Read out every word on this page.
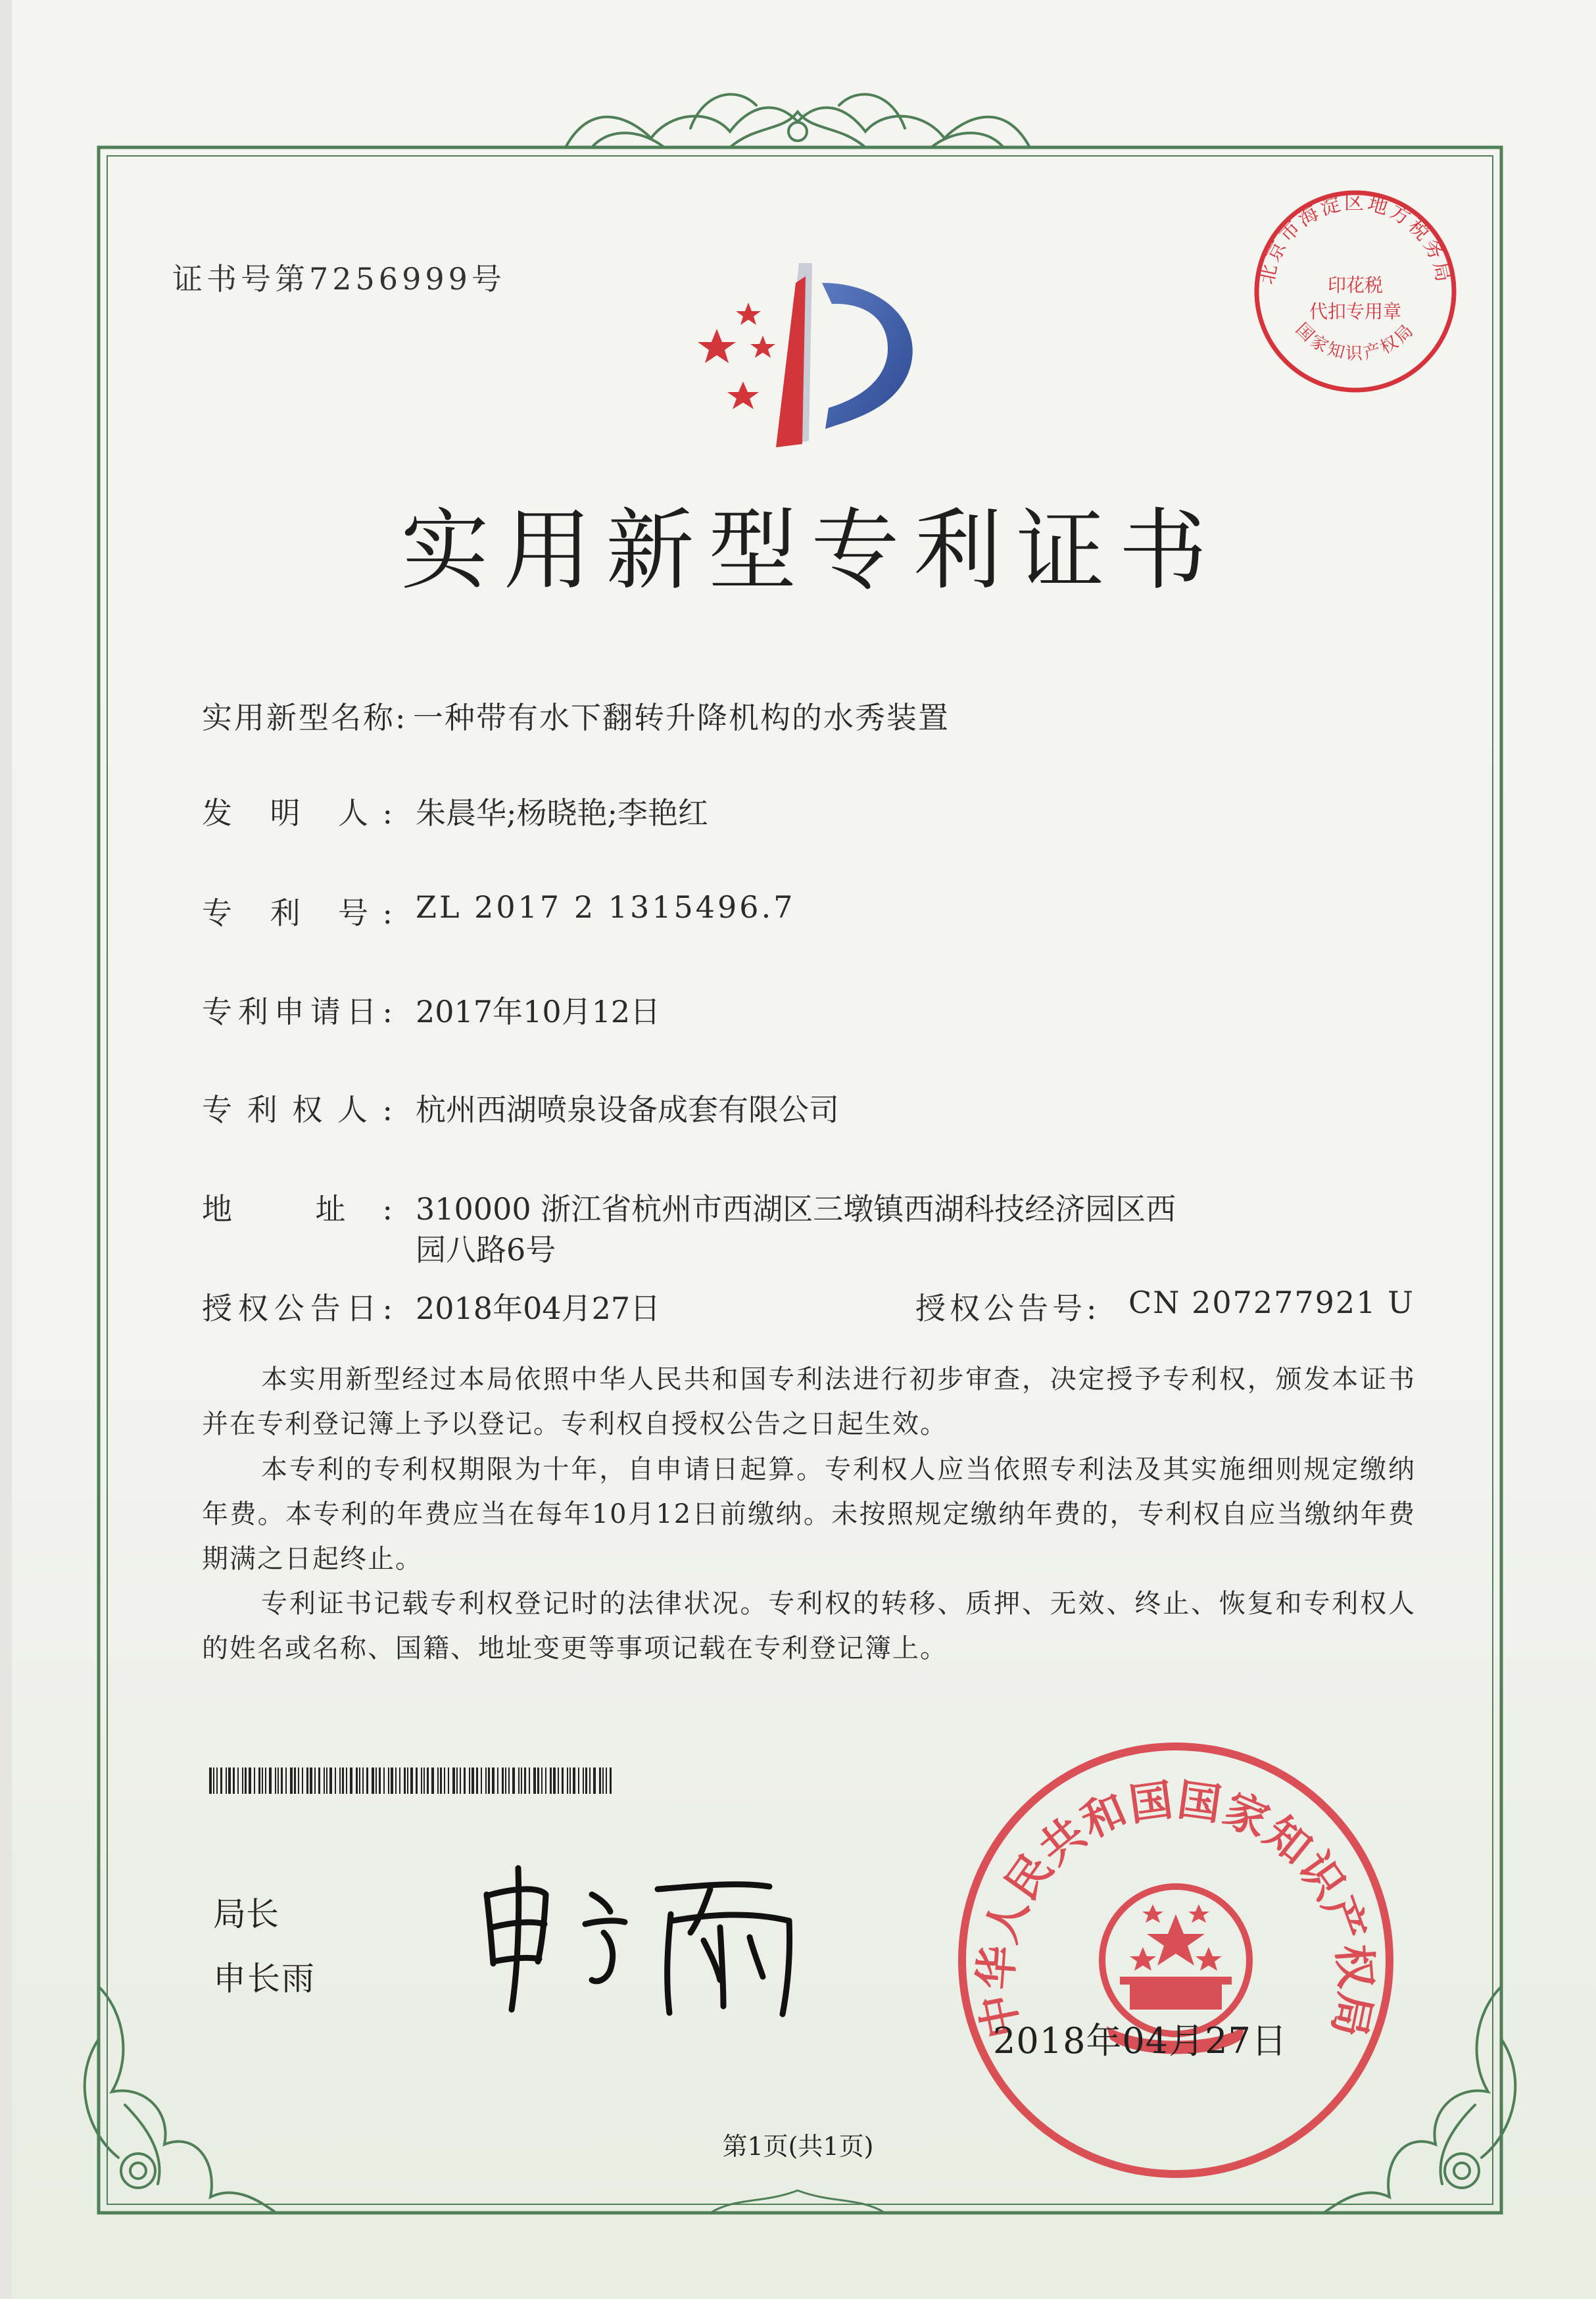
北京市海淀区地方税务局
印花税
代扣专用章
国家知识产权局
证书号第7256999号
实用新型专利证书
实用新型名称: 一种带有水下翻转升降机构的水秀装置
发 明 人: 朱晨华;杨晓艳;李艳红
专 利 号: ZL 2017 2 1315496.7
专利申请日: 2017年10月12日
专利权人: 杭州西湖喷泉设备成套有限公司
地 址: 310000 浙江省杭州市西湖区三墩镇西湖科技经济园区西
园八路6号
授权公告日: 2018年04月27日	授权公告号: CN 207277921 U
本实用新型经过本局依照中华人民共和国专利法进行初步审查，决定授予专利权，颁发本证书并在专利登记簿上予以登记。专利权自授权公告之日起生效。
本专利的专利权期限为十年，自申请日起算。专利权人应当依照专利法及其实施细则规定缴纳年费。本专利的年费应当在每年10月12日前缴纳。未按照规定缴纳年费的，专利权自应当缴纳年费期满之日起终止。
专利证书记载专利权登记时的法律状况。专利权的转移、质押、无效、终止、恢复和专利权人的姓名或名称、国籍、地址变更等事项记载在专利登记簿上。
局长
申长雨
中华人民共和国国家知识产权局
2018年04月27日
第1页(共1页)
